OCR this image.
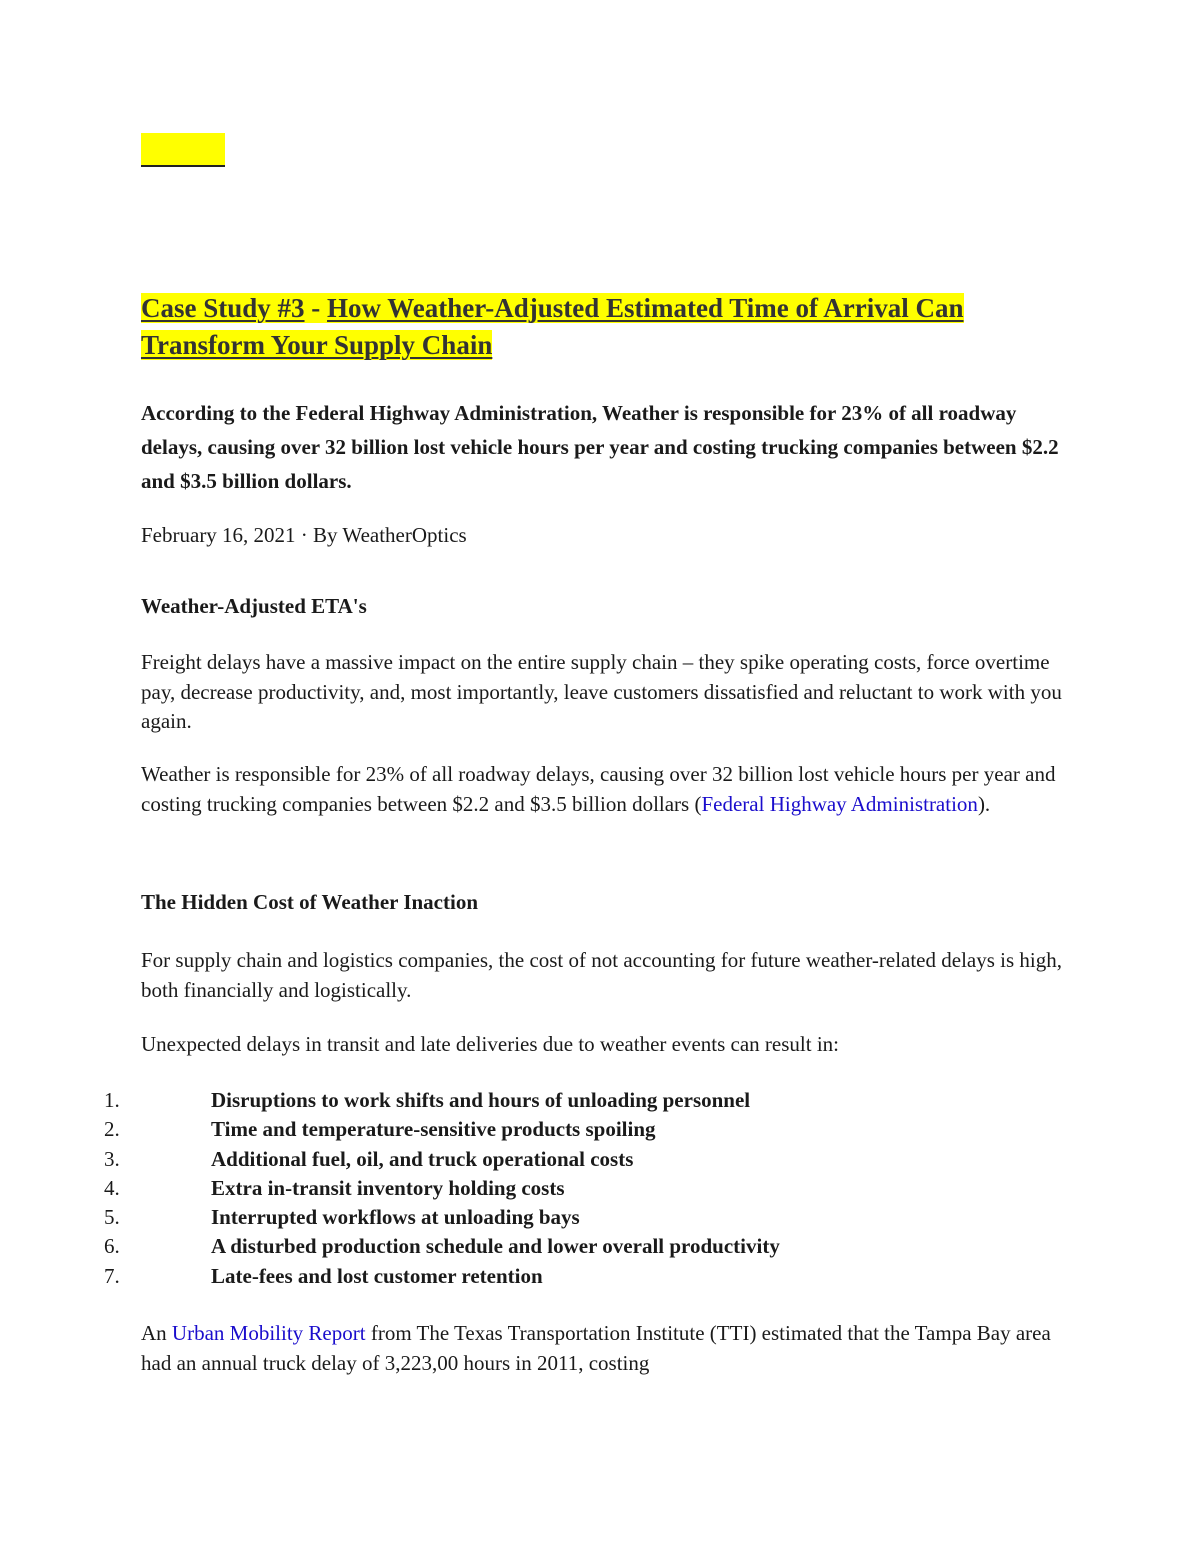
Case Study #3 - How Weather-Adjusted Estimated Time of Arrival Can Transform Your Supply Chain
According to the Federal Highway Administration, Weather is responsible for 23% of all roadway delays, causing over 32 billion lost vehicle hours per year and costing trucking companies between $2.2 and $3.5 billion dollars.
February 16, 2021 · By WeatherOptics
Weather-Adjusted ETA's
Freight delays have a massive impact on the entire supply chain – they spike operating costs, force overtime pay, decrease productivity, and, most importantly, leave customers dissatisfied and reluctant to work with you again.
Weather is responsible for 23% of all roadway delays, causing over 32 billion lost vehicle hours per year and costing trucking companies between $2.2 and $3.5 billion dollars (Federal Highway Administration).
The Hidden Cost of Weather Inaction
For supply chain and logistics companies, the cost of not accounting for future weather-related delays is high, both financially and logistically.
Unexpected delays in transit and late deliveries due to weather events can result in:
1.	Disruptions to work shifts and hours of unloading personnel
2.	Time and temperature-sensitive products spoiling
3.	Additional fuel, oil, and truck operational costs
4.	Extra in-transit inventory holding costs
5.	Interrupted workflows at unloading bays
6.	A disturbed production schedule and lower overall productivity
7.	Late-fees and lost customer retention
An Urban Mobility Report from The Texas Transportation Institute (TTI) estimated that the Tampa Bay area had an annual truck delay of 3,223,00 hours in 2011, costing
